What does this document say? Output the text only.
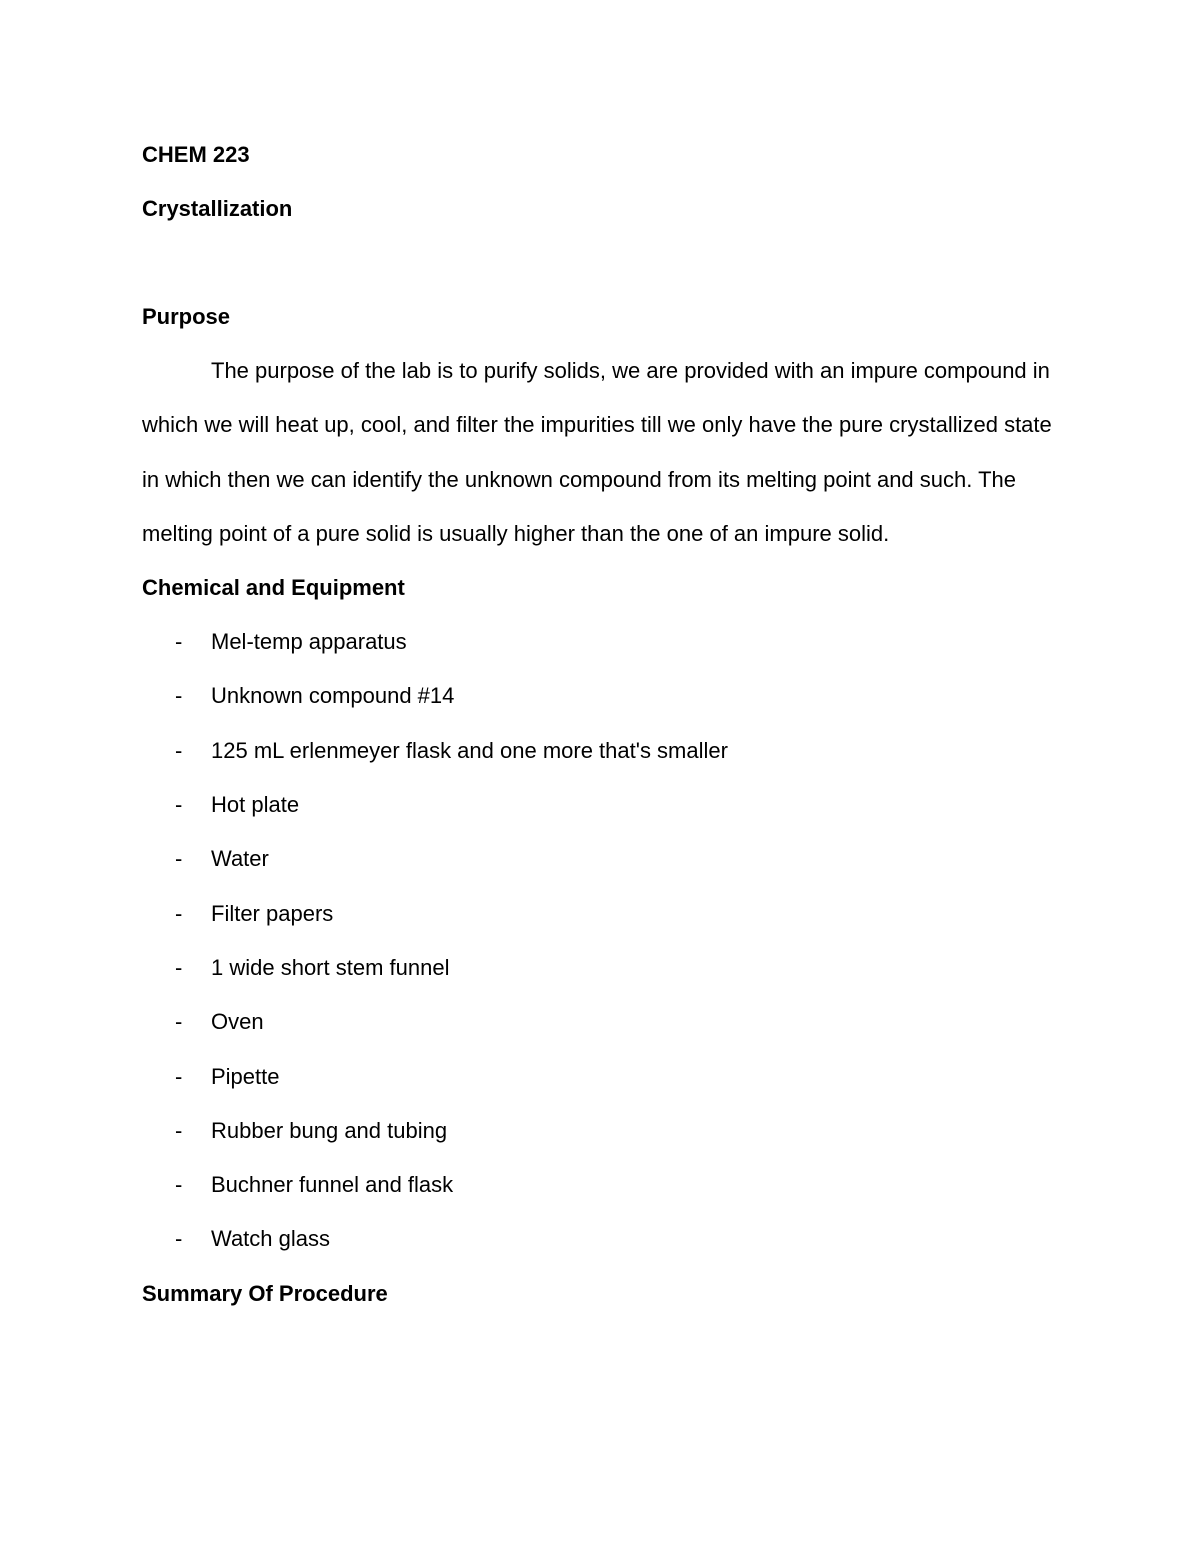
CHEM 223

Crystallization

Purpose

The purpose of the lab is to purify solids, we are provided with an impure compound in which we will heat up, cool, and filter the impurities till we only have the pure crystallized state in which then we can identify the unknown compound from its melting point and such. The melting point of a pure solid is usually higher than the one of an impure solid.

Chemical and Equipment

- Mel-temp apparatus
- Unknown compound #14
- 125 mL erlenmeyer flask and one more that's smaller
- Hot plate
- Water
- Filter papers
- 1 wide short stem funnel
- Oven
- Pipette
- Rubber bung and tubing
- Buchner funnel and flask
- Watch glass

Summary Of Procedure
